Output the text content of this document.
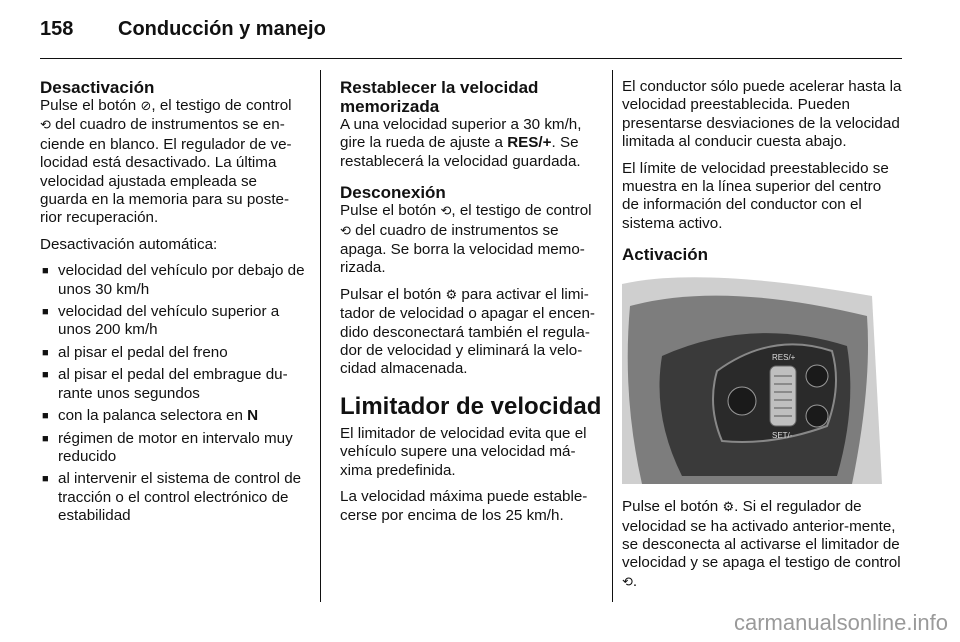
158 Conducción y manejo
Desactivación

Pulse el botón ⊘, el testigo de control

⟲ del cuadro de instrumentos se en-ciende en blanco. El regulador de ve-locidad está desactivado. La última velocidad ajustada empleada se guarda en la memoria para su poste-rior recuperación.

Desactivación automática:

■ velocidad del vehículo por debajo de unos 30 km/h
■ velocidad del vehículo superior a unos 200 km/h
■ al pisar el pedal del freno
■ al pisar el pedal del embrague du-rante unos segundos
■ con la palanca selectora en N
■ régimen de motor en intervalo muy reducido
■ al intervenir el sistema de control de tracción o el control electrónico de estabilidad
Restablecer la velocidad memorizada

A una velocidad superior a 30 km/h, gire la rueda de ajuste a RES/+. Se restablecerá la velocidad guardada.

Desconexión

Pulse el botón ⟲, el testigo de control

⟲ del cuadro de instrumentos se apaga. Se borra la velocidad memo-rizada.

Pulsar el botón ⚙ para activar el limi-tador de velocidad o apagar el encen-dido desconectará también el regula-dor de velocidad y eliminará la velo-cidad almacenada.

Limitador de velocidad

El limitador de velocidad evita que el vehículo supere una velocidad má-xima predefinida.

La velocidad máxima puede estable-cerse por encima de los 25 km/h.

El conductor sólo puede acelerar hasta la velocidad preestablecida. Pueden presentarse desviaciones de la velocidad limitada al conducir cuesta abajo.

El límite de velocidad preestablecido se muestra en la línea superior del centro de información del conductor con el sistema activo.

Activación
RES/+
SET/-

Pulse el botón ⚙. Si el regulador de velocidad se ha activado anterior-mente, se desconecta al activarse el limitador de velocidad y se apaga el testigo de control ⟲.

carmanualsonline.info
